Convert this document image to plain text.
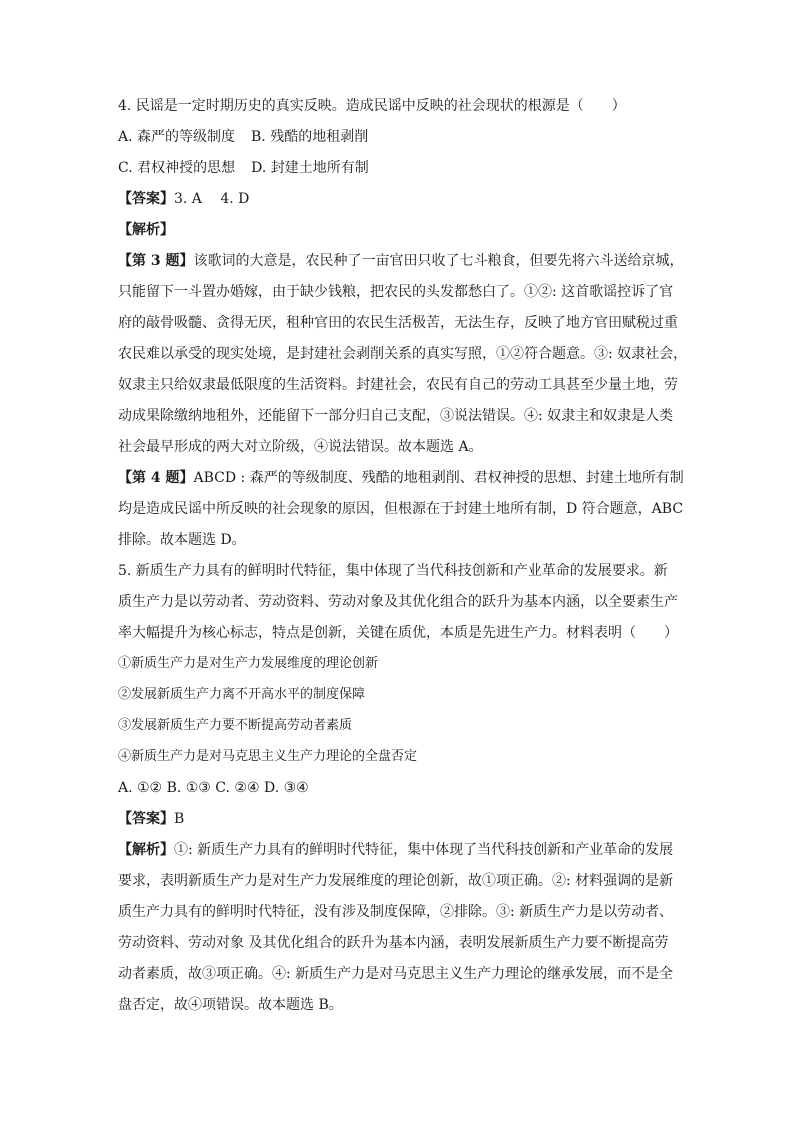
4. 民谣是一定时期历史的真实反映。造成民谣中反映的社会现状的根源是（　　）

A. 森严的等级制度 B. 残酷的地租剥削

C. 君权神授的思想 D. 封建土地所有制

【答案】3. A　 4. D

【解析】

【第 3 题】该歌词的大意是，农民种了一亩官田只收了七斗粮食，但要先将六斗送给京城，
只能留下一斗置办婚嫁，由于缺少钱粮，把农民的头发都愁白了。①②: 这首歌谣控诉了官
府的敲骨吸髓、贪得无厌，租种官田的农民生活极苦，无法生存，反映了地方官田赋税过重
农民难以承受的现实处境，是封建社会剥削关系的真实写照，①②符合题意。③: 奴隶社会，
奴隶主只给奴隶最低限度的生活资料。封建社会，农民有自己的劳动工具甚至少量土地，劳
动成果除缴纳地租外，还能留下一部分归自己支配，③说法错误。④: 奴隶主和奴隶是人类
社会最早形成的两大对立阶级，④说法错误。故本题选 A。
【第 4 题】ABCD : 森严的等级制度、残酷的地租剥削、君权神授的思想、封建土地所有制
均是造成民谣中所反映的社会现象的原因，但根源在于封建土地所有制，D 符合题意，ABC
排除。故本题选 D。
5. 新质生产力具有的鲜明时代特征，集中体现了当代科技创新和产业革命的发展要求。新
质生产力是以劳动者、劳动资料、劳动对象及其优化组合的跃升为基本内涵，以全要素生产
率大幅提升为核心标志，特点是创新，关键在质优，本质是先进生产力。材料表明（　　）

①新质生产力是对生产力发展维度的理论创新

②发展新质生产力离不开高水平的制度保障

③发展新质生产力要不断提高劳动者素质

④新质生产力是对马克思主义生产力理论的全盘否定

A. ①② B. ①③ C. ②④ D. ③④

【答案】B

【解析】①: 新质生产力具有的鲜明时代特征，集中体现了当代科技创新和产业革命的发展
要求，表明新质生产力是对生产力发展维度的理论创新，故①项正确。②: 材料强调的是新
质生产力具有的鲜明时代特征，没有涉及制度保障，②排除。③: 新质生产力是以劳动者、
劳动资料、劳动对象 及其优化组合的跃升为基本内涵，表明发展新质生产力要不断提高劳
动者素质，故③项正确。④: 新质生产力是对马克思主义生产力理论的继承发展，而不是全
盘否定，故④项错误。故本题选 B。
